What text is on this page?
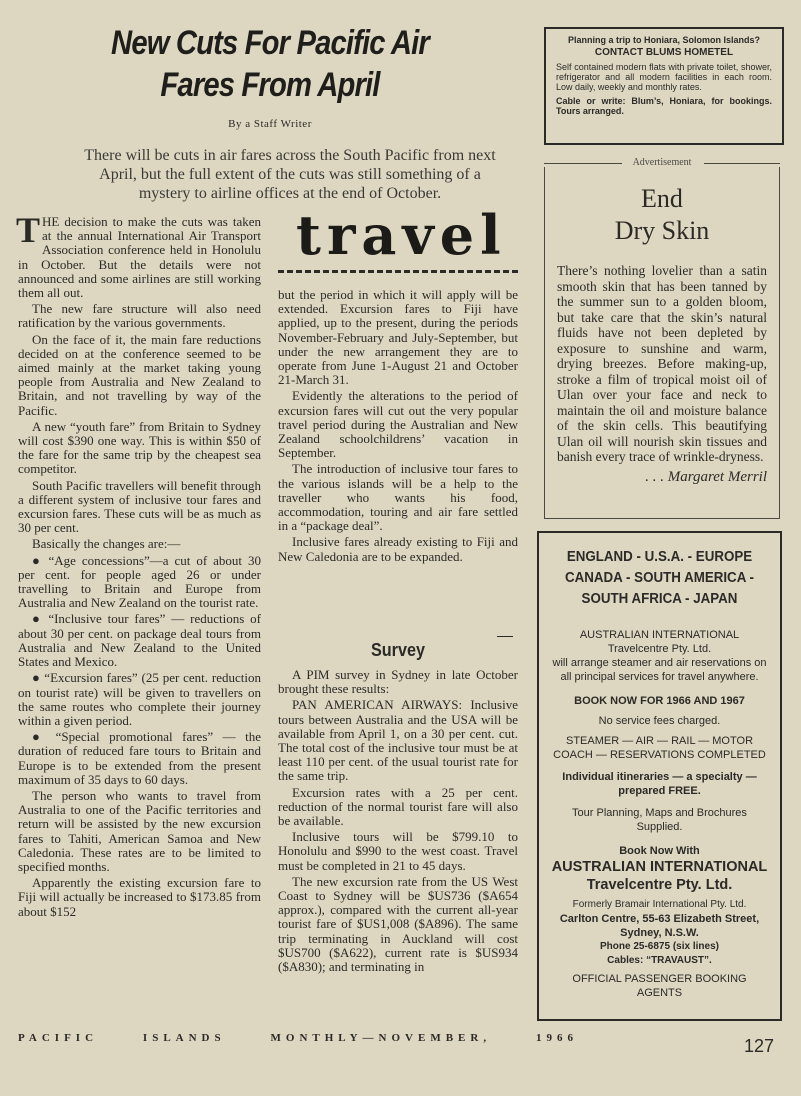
New Cuts For Pacific Air
Fares From April
By a Staff Writer
There will be cuts in air fares across the South Pacific from next April, but the full extent of the cuts was still something of a mystery to airline offices at the end of October.

THE decision to make the cuts was taken at the annual International Air Transport Association conference held in Honolulu in October. But the details were not announced and some airlines are still working them all out.

The new fare structure will also need ratification by the various governments.

On the face of it, the main fare reductions decided on at the conference seemed to be aimed mainly at the market taking young people from Australia and New Zealand to Britain, and not travelling by way of the Pacific.

A new “youth fare” from Britain to Sydney will cost $390 one way. This is within $50 of the fare for the same trip by the cheapest sea competitor.

South Pacific travellers will benefit through a different system of inclusive tour fares and excursion fares. These cuts will be as much as 30 per cent.

Basically the changes are:—

● “Age concessions”—a cut of about 30 per cent. for people aged 26 or under travelling to Britain and Europe from Australia and New Zealand on the tourist rate.

● “Inclusive tour fares” — reductions of about 30 per cent. on package deal tours from Australia and New Zealand to the United States and Mexico.

● “Excursion fares” (25 per cent. reduction on tourist rate) will be given to travellers on the same routes who complete their journey within a given period.

● “Special promotional fares” — the duration of reduced fare tours to Britain and Europe is to be extended from the present maximum of 35 days to 60 days.

The person who wants to travel from Australia to one of the Pacific territories and return will be assisted by the new excursion fares to Tahiti, American Samoa and New Caledonia. These rates are to be limited to specified months.

Apparently the existing excursion fare to Fiji will actually be increased to $173.85 from about $152

travel

but the period in which it will apply will be extended. Excursion fares to Fiji have applied, up to the present, during the periods November-February and July-September, but under the new arrangement they are to operate from June 1-August 21 and October 21-March 31.

Evidently the alterations to the period of excursion fares will cut out the very popular travel period during the Australian and New Zealand schoolchildrens’ vacation in September.

The introduction of inclusive tour fares to the various islands will be a help to the traveller who wants his food, accommodation, touring and air fare settled in a “package deal”.

Inclusive fares already existing to Fiji and New Caledonia are to be expanded.

Survey

A PIM survey in Sydney in late October brought these results:

PAN AMERICAN AIRWAYS: Inclusive tours between Australia and the USA will be available from April 1, on a 30 per cent. cut. The total cost of the inclusive tour must be at least 110 per cent. of the usual tourist rate for the same trip.

Excursion rates with a 25 per cent. reduction of the normal tourist fare will also be available.

Inclusive tours will be $799.10 to Honolulu and $990 to the west coast. Travel must be completed in 21 to 45 days.

The new excursion rate from the US West Coast to Sydney will be $US736 ($A654 approx.), compared with the current all-year tourist fare of $US1,008 ($A896). The same trip terminating in Auckland will cost $US700 ($A622), current rate is $US934 ($A830); and terminating in

PACIFIC	ISLANDS	MONTHLY—NOVEMBER,	1966	127
Planning a trip to Honiara, Solomon Islands?
CONTACT BLUMS HOMETEL
Self contained modern flats with private toilet, shower, refrigerator and all modern facilities in each room. Low daily, weekly and monthly rates.
Cable or write: Blum’s, Honiara, for bookings. Tours arranged.
Advertisement
End
Dry Skin
There’s nothing lovelier than a satin smooth skin that has been tanned by the summer sun to a golden bloom, but take care that the skin’s natural fluids have not been depleted by exposure to sunshine and warm, drying breezes. Before making-up, stroke a film of tropical moist oil of Ulan over your face and neck to maintain the oil and moisture balance of the skin cells. This beautifying Ulan oil will nourish skin tissues and banish every trace of wrinkle-dryness.
. . . Margaret Merril
ENGLAND - U.S.A. - EUROPE
CANADA - SOUTH AMERICA -
SOUTH AFRICA - JAPAN
AUSTRALIAN INTERNATIONAL
Travelcentre Pty. Ltd.
will arrange steamer and air reservations on all principal services for travel anywhere.
BOOK NOW FOR 1966 AND 1967
No service fees charged.
STEAMER — AIR — RAIL — MOTOR COACH — RESERVATIONS COMPLETED
Individual itineraries — a specialty — prepared FREE.
Tour Planning, Maps and Brochures Supplied.
Book Now With
AUSTRALIAN INTERNATIONAL
Travelcentre Pty. Ltd.
Formerly Bramair International Pty. Ltd.
Carlton Centre, 55-63 Elizabeth Street, Sydney, N.S.W.
Phone 25-6875 (six lines)
Cables: “TRAVAUST”.
OFFICIAL PASSENGER BOOKING AGENTS
